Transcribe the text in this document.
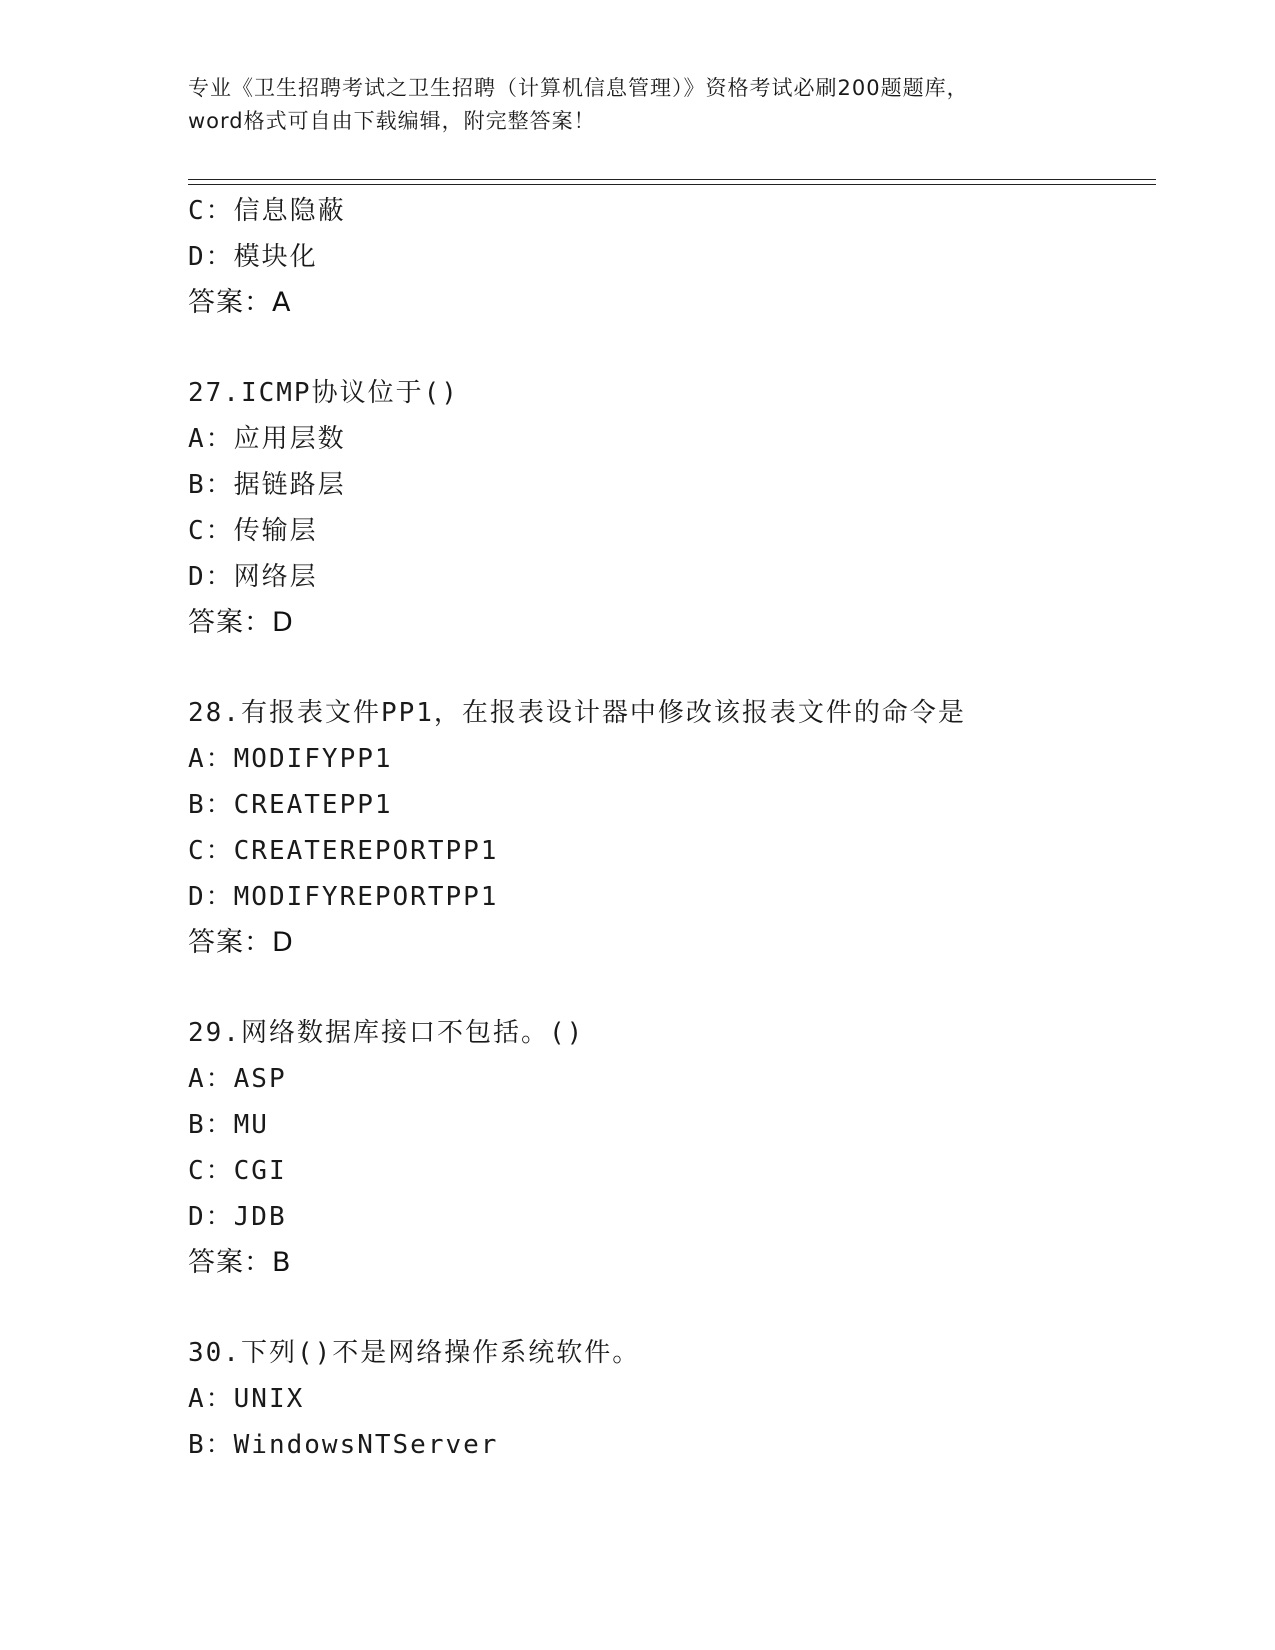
专业《卫生招聘考试之卫生招聘（计算机信息管理）》资格考试必刷200题题库，
word格式可自由下载编辑，附完整答案！
C：信息隐蔽
D：模块化
答案：A
27.ICMP协议位于()
A：应用层数
B：据链路层
C：传输层
D：网络层
答案：D
28.有报表文件PP1，在报表设计器中修改该报表文件的命令是
A：MODIFYPP1
B：CREATEPP1
C：CREATEREPORTPP1
D：MODIFYREPORTPP1
答案：D
29.网络数据库接口不包括。()
A：ASP
B：MU
C：CGI
D：JDB
答案：B
30.下列()不是网络操作系统软件。
A：UNIX
B：WindowsNTServer
